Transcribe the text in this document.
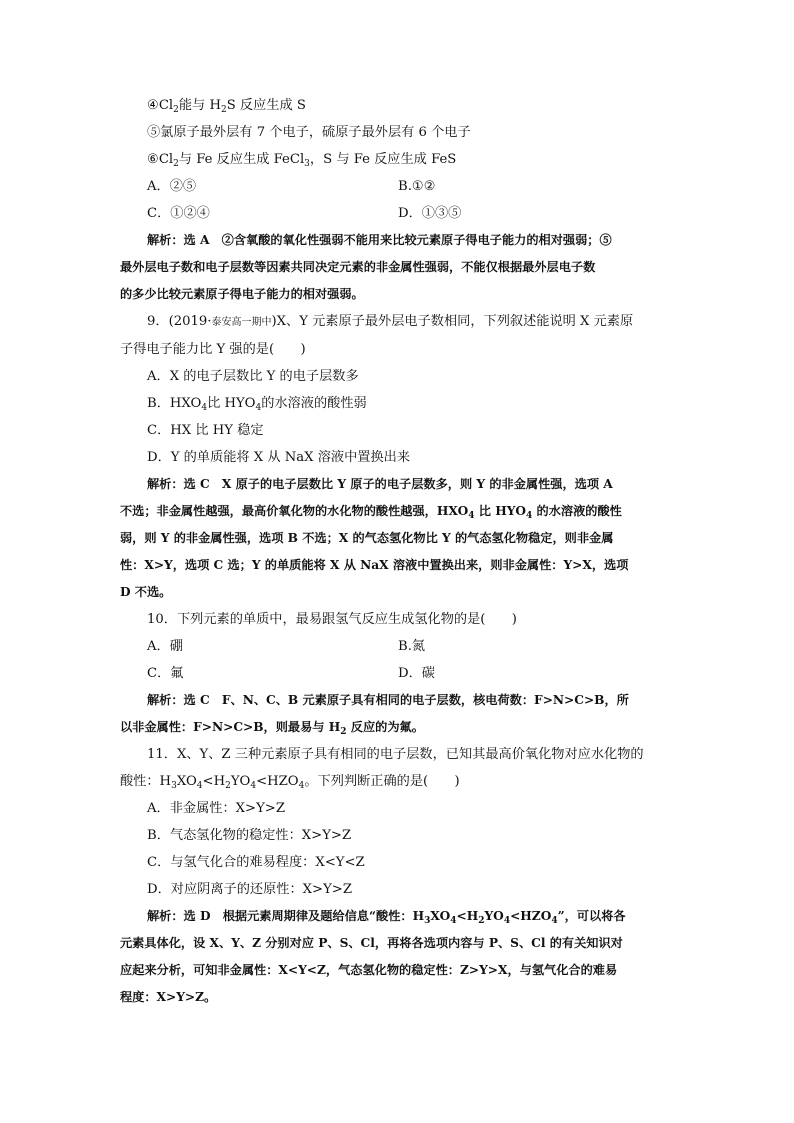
$④Cl_2$能与 $H_2S$ 反应生成 S
⑤氯原子最外层有 7 个电子，硫原子最外层有 6 个电子
$⑥Cl_2$与 Fe 反应生成 FeCl$_3$，S 与 Fe 反应生成 FeS
A．②⑤	B.①②
C．①②④	D．①③⑤
解析：选 A　②含氧酸的氧化性强弱不能用来比较元素原子得电子能力的相对强弱；⑤
最外层电子数和电子层数等因素共同决定元素的非金属性强弱，不能仅根据最外层电子数
的多少比较元素原子得电子能力的相对强弱。
9．(2019·泰安高一期中)X、Y 元素原子最外层电子数相同，下列叙述能说明 X 元素原
子得电子能力比 Y 强的是(　　)
A．X 的电子层数比 Y 的电子层数多
B．$HXO_4$比 $HYO_4$的水溶液的酸性弱
C．HX 比 HY 稳定
D．Y 的单质能将 X 从 NaX 溶液中置换出来
解析：选 C　X 原子的电子层数比 Y 原子的电子层数多，则 Y 的非金属性强，选项 A
不选；非金属性越强，最高价氧化物的水化物的酸性越强，$HXO_4$ 比 $HYO_4$ 的水溶液的酸性
弱，则 Y 的非金属性强，选项 B 不选；X 的气态氢化物比 Y 的气态氢化物稳定，则非金属
性：X>Y，选项 C 选；Y 的单质能将 X 从 NaX 溶液中置换出来，则非金属性：Y>X，选项
D 不选。
10．下列元素的单质中，最易跟氢气反应生成氢化物的是(　　)
A．硼	B.氮
C．氟	D．碳
解析：选 C　F、N、C、B 元素原子具有相同的电子层数，核电荷数：F>N>C>B，所
以非金属性：F>N>C>B，则最易与 $H_2$ 反应的为氟。
11．X、Y、Z 三种元素原子具有相同的电子层数，已知其最高价氧化物对应水化物的
酸性：$H_3XO_4<H_2YO_4<HZO_4$。下列判断正确的是(　　)
A．非金属性：X>Y>Z
B．气态氢化物的稳定性：X>Y>Z
C．与氢气化合的难易程度：X<Y<Z
D．对应阴离子的还原性：X>Y>Z
解析：选 D　根据元素周期律及题给信息“酸性：$H_3XO_4<H_2YO_4<HZO_4$”，可以将各
元素具体化，设 X、Y、Z 分别对应 P、S、Cl，再将各选项内容与 P、S、Cl 的有关知识对
应起来分析，可知非金属性：X<Y<Z，气态氢化物的稳定性：Z>Y>X，与氢气化合的难易
程度：X>Y>Z。
